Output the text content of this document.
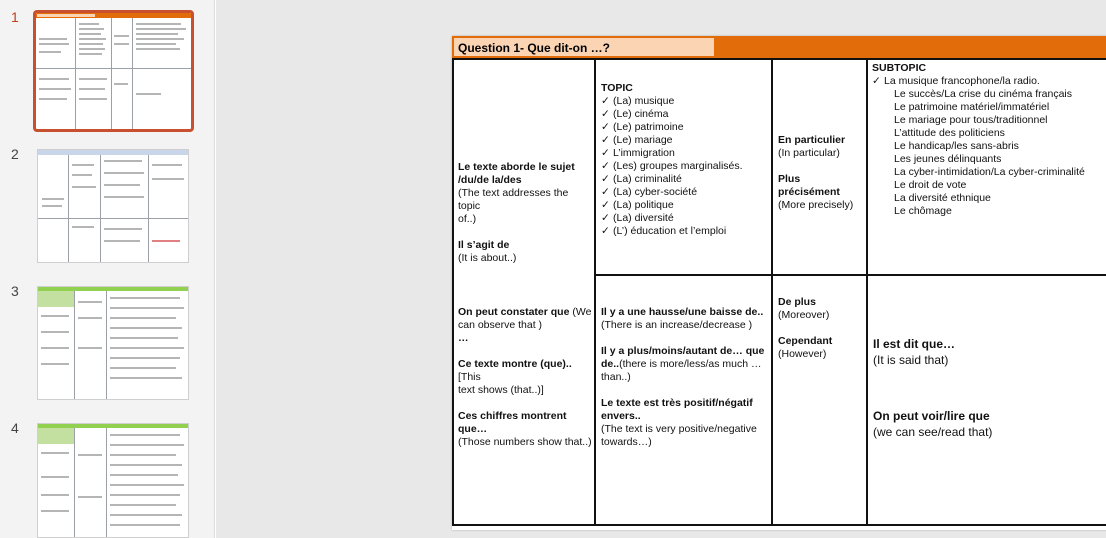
1
2
3
4
Question 1- Que dit-on …?
Le texte aborde le sujet
/du/de la/des
(The text addresses the topic
of..)
Il s’agit de
(It is about..)
TOPIC
✓ (La) musique
✓ (Le) cinéma
✓ (Le) patrimoine
✓ (Le) mariage
✓ L’immigration
✓ (Les) groupes marginalisés.
✓ (La) criminalité
✓ (La) cyber-société
✓ (La) politique
✓ (La) diversité
✓ (L’) éducation et l’emploi
En particulier
(In particular)
Plus précisément
(More precisely)
SUBTOPIC
✓ La musique francophone/la radio.
Le succès/La crise du cinéma français
Le patrimoine matériel/immatériel
Le mariage pour tous/traditionnel
L’attitude des politiciens
Le handicap/les sans-abris
Les jeunes délinquants
La cyber-intimidation/La cyber-criminalité
Le droit de vote
La diversité ethnique
Le chômage
On peut constater que (We
can observe that )
…
Ce texte montre (que)..[This
text shows (that..)]
Ces chiffres montrent que…
(Those numbers show that..)
Il y a une hausse/une baisse de..
(There is an increase/decrease )
Il y a plus/moins/autant de… que
de..(there is more/less/as much …
than..)
Le texte est très positif/négatif
envers..
(The text is very positive/negative
towards…)
De plus
(Moreover)
Cependant
(However)
Il est dit que…
(It is said that)
On peut voir/lire que
(we can see/read that)
